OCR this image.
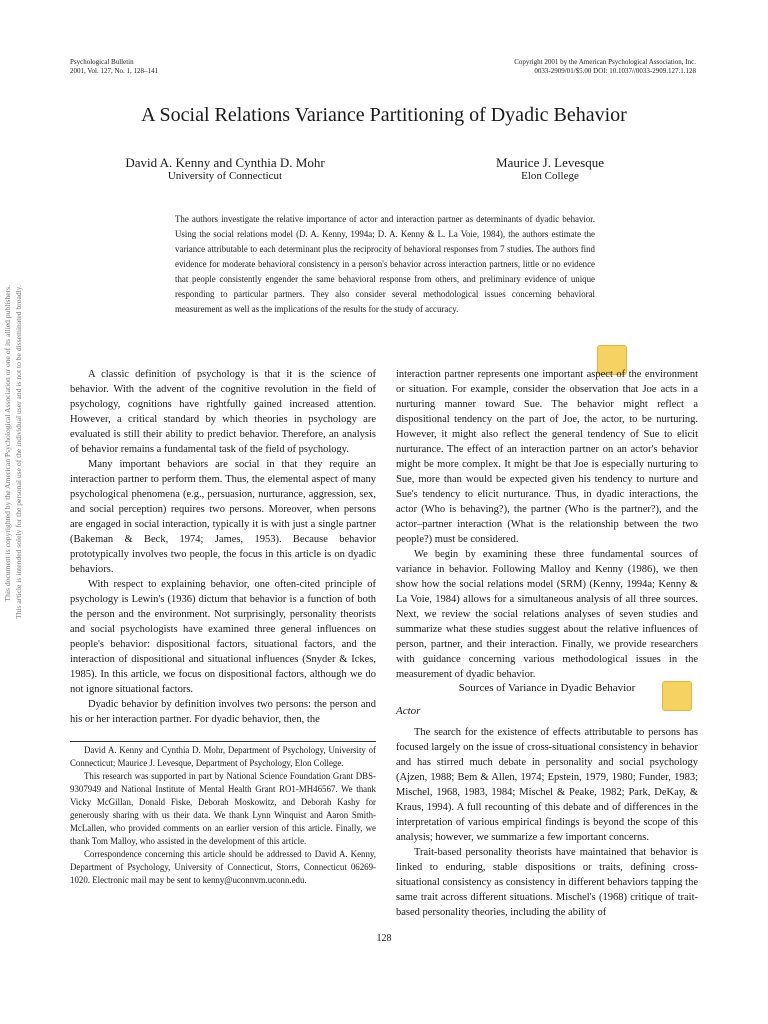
Psychological Bulletin
2001, Vol. 127, No. 1, 128–141
Copyright 2001 by the American Psychological Association, Inc.
0033-2909/01/$5.00 DOI: 10.1037//0033-2909.127.1.128
A Social Relations Variance Partitioning of Dyadic Behavior
David A. Kenny and Cynthia D. Mohr
University of Connecticut
Maurice J. Levesque
Elon College
The authors investigate the relative importance of actor and interaction partner as determinants of dyadic behavior. Using the social relations model (D. A. Kenny, 1994a; D. A. Kenny & L. La Voie, 1984), the authors estimate the variance attributable to each determinant plus the reciprocity of behavioral responses from 7 studies. The authors find evidence for moderate behavioral consistency in a person's behavior across interaction partners, little or no evidence that people consistently engender the same behavioral response from others, and preliminary evidence of unique responding to particular partners. They also consider several methodological issues concerning behavioral measurement as well as the implications of the results for the study of accuracy.
This document is copyrighted by the American Psychological Association or one of its allied publishers. This article is intended solely for the personal use of the individual user and is not to be disseminated broadly.	A classic definition of psychology is that it is the science of behavior. With the advent of the cognitive revolution in the field of psychology, cognitions have rightfully gained increased attention. However, a critical standard by which theories in psychology are evaluated is still their ability to predict behavior. Therefore, an analysis of behavior remains a fundamental task of the field of psychology.

Many important behaviors are social in that they require an interaction partner to perform them. Thus, the elemental aspect of many psychological phenomena (e.g., persuasion, nurturance, aggression, sex, and social perception) requires two persons. Moreover, when persons are engaged in social interaction, typically it is with just a single partner (Bakeman & Beck, 1974; James, 1953). Because behavior prototypically involves two people, the focus in this article is on dyadic behaviors.

With respect to explaining behavior, one often-cited principle of psychology is Lewin's (1936) dictum that behavior is a function of both the person and the environment. Not surprisingly, personality theorists and social psychologists have examined three general influences on people's behavior: dispositional factors, situational factors, and the interaction of dispositional and situational influences (Snyder & Ickes, 1985). In this article, we focus on dispositional factors, although we do not ignore situational factors.

Dyadic behavior by definition involves two persons: the person and his or her interaction partner. For dyadic behavior, then, the

David A. Kenny and Cynthia D. Mohr, Department of Psychology, University of Connecticut; Maurice J. Levesque, Department of Psychology, Elon College.

This research was supported in part by National Science Foundation Grant DBS-9307949 and National Institute of Mental Health Grant RO1-MH46567. We thank Vicky McGillan, Donald Fiske, Deborah Moskowitz, and Deborah Kashy for generously sharing with us their data. We thank Lynn Winquist and Aaron Smith-McLallen, who provided comments on an earlier version of this article. Finally, we thank Tom Malloy, who assisted in the development of this article.

Correspondence concerning this article should be addressed to David A. Kenny, Department of Psychology, University of Connecticut, Storrs, Connecticut 06269-1020. Electronic mail may be sent to kenny@uconnvm.uconn.edu.

interaction partner represents one important aspect of the environment or situation. For example, consider the observation that Joe acts in a nurturing manner toward Sue. The behavior might reflect a dispositional tendency on the part of Joe, the actor, to be nurturing. However, it might also reflect the general tendency of Sue to elicit nurturance. The effect of an interaction partner on an actor's behavior might be more complex. It might be that Joe is especially nurturing to Sue, more than would be expected given his tendency to nurture and Sue's tendency to elicit nurturance. Thus, in dyadic interactions, the actor (Who is behaving?), the partner (Who is the partner?), and the actor–partner interaction (What is the relationship between the two people?) must be considered.

We begin by examining these three fundamental sources of variance in behavior. Following Malloy and Kenny (1986), we then show how the social relations model (SRM) (Kenny, 1994a; Kenny & La Voie, 1984) allows for a simultaneous analysis of all three sources. Next, we review the social relations analyses of seven studies and summarize what these studies suggest about the relative influences of person, partner, and their interaction. Finally, we provide researchers with guidance concerning various methodological issues in the measurement of dyadic behavior.

Sources of Variance in Dyadic Behavior
Actor

The search for the existence of effects attributable to persons has focused largely on the issue of cross-situational consistency in behavior and has stirred much debate in personality and social psychology (Ajzen, 1988; Bem & Allen, 1974; Epstein, 1979, 1980; Funder, 1983; Mischel, 1968, 1983, 1984; Mischel & Peake, 1982; Park, DeKay, & Kraus, 1994). A full recounting of this debate and of differences in the interpretation of various empirical findings is beyond the scope of this analysis; however, we summarize a few important concerns.

Trait-based personality theorists have maintained that behavior is linked to enduring, stable dispositions or traits, defining cross-situational consistency as consistency in different behaviors tapping the same trait across different situations. Mischel's (1968) critique of trait-based personality theories, including the ability of

128
